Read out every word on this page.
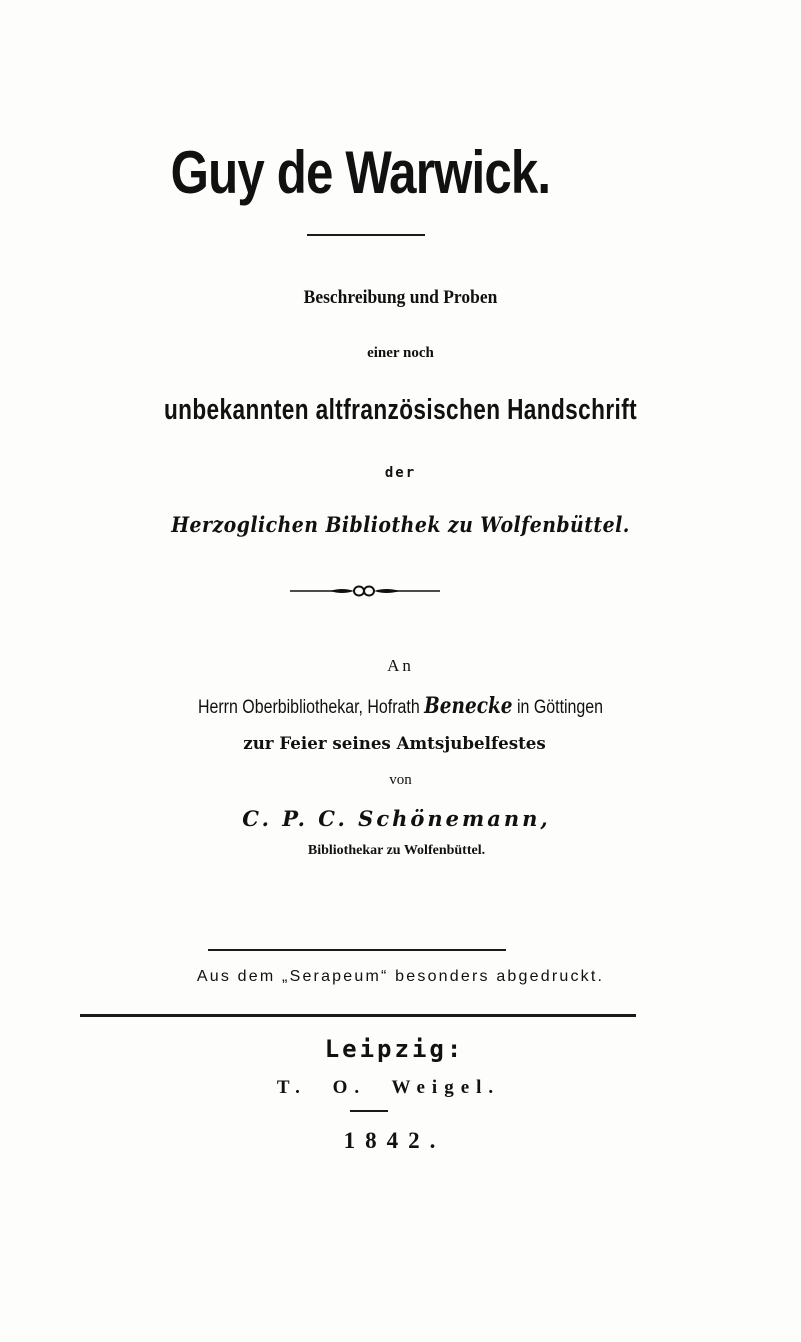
Guy de Warwick.
Beschreibung und Proben
einer noch
unbekannten altfranzösischen Handschrift
der
Herzoglichen Bibliothek zu Wolfenbüttel.
An
Herrn Oberbibliothekar, Hofrath Benecke in Göttingen
zur Feier seines Amtsjubelfestes
von
C. P. C. Schönemann,
Bibliothekar zu Wolfenbüttel.
Aus dem „Serapeum“ besonders abgedruckt.
Leipzig:
T. O. Weigel.
1842.
